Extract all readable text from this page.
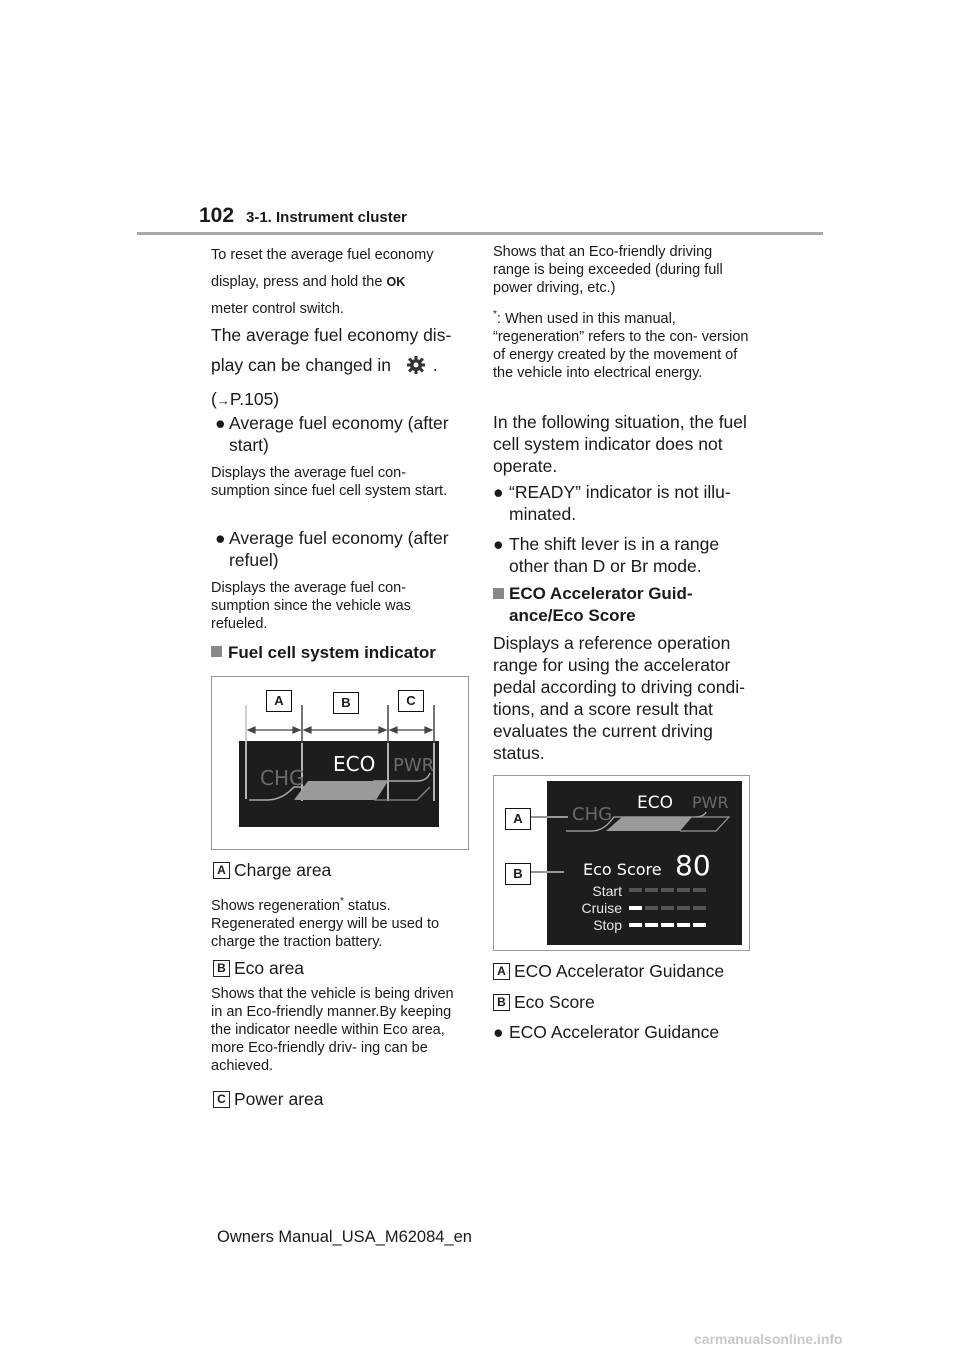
102 3-1. Instrument cluster
To reset the average fuel economy
display, press and hold the OK
meter control switch.
The average fuel economy dis-
play can be changed in .
(→P.105)
● Average fuel economy (after start)
Displays the average fuel con- sumption since fuel cell system start.
● Average fuel economy (after refuel)
Displays the average fuel con- sumption since the vehicle was refueled.
Fuel cell system indicator
A	B	C
CHG
ECO PWR
A Charge area
Shows regeneration* status.
Regenerated energy will be used to charge the traction battery.
B Eco area
Shows that the vehicle is being driven in an Eco-friendly manner.By keeping the indicator needle within Eco area, more Eco-friendly driv- ing can be achieved.
C Power area
Shows that an Eco-friendly driving range is being exceeded (during full power driving, etc.)
*: When used in this manual, “regeneration” refers to the con- version of energy created by the movement of the vehicle into electrical energy.
In the following situation, the fuel cell system indicator does not operate.
● “READY” indicator is not illu- minated.
● The shift lever is in a range other than D or Br mode.
ECO Accelerator Guid- ance/Eco Score
Displays a reference operation range for using the accelerator pedal according to driving condi- tions, and a score result that evaluates the current driving status.
A
B
CHG
ECO PWR
Eco Score 80
Start
Cruise
Stop
A ECO Accelerator Guidance
B Eco Score
● ECO Accelerator Guidance
Owners Manual_USA_M62084_en
carmanualsonline.info
